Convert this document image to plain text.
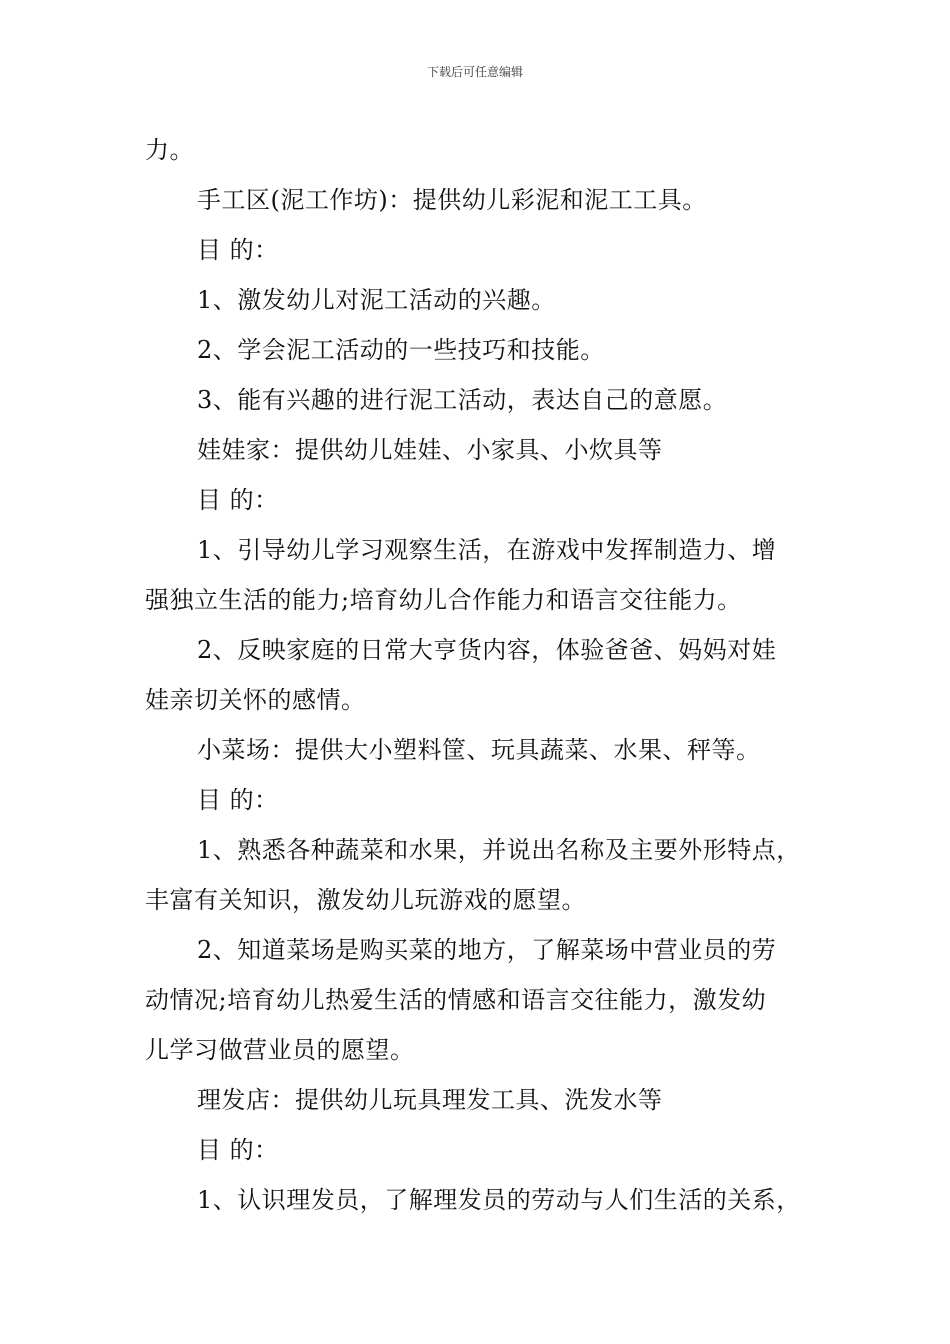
下载后可任意编辑
力。
手工区(泥工作坊)：提供幼儿彩泥和泥工工具。
目 的：
1、激发幼儿对泥工活动的兴趣。
2、学会泥工活动的一些技巧和技能。
3、能有兴趣的进行泥工活动，表达自己的意愿。
娃娃家：提供幼儿娃娃、小家具、小炊具等
目 的：
1、引导幼儿学习观察生活，在游戏中发挥制造力、增
强独立生活的能力;培育幼儿合作能力和语言交往能力。
2、反映家庭的日常大亨货内容，体验爸爸、妈妈对娃
娃亲切关怀的感情。
小菜场：提供大小塑料筐、玩具蔬菜、水果、秤等。
目 的：
1、熟悉各种蔬菜和水果，并说出名称及主要外形特点，
丰富有关知识，激发幼儿玩游戏的愿望。
2、知道菜场是购买菜的地方，了解菜场中营业员的劳
动情况;培育幼儿热爱生活的情感和语言交往能力，激发幼
儿学习做营业员的愿望。
理发店：提供幼儿玩具理发工具、洗发水等
目 的：
1、认识理发员，了解理发员的劳动与人们生活的关系，
